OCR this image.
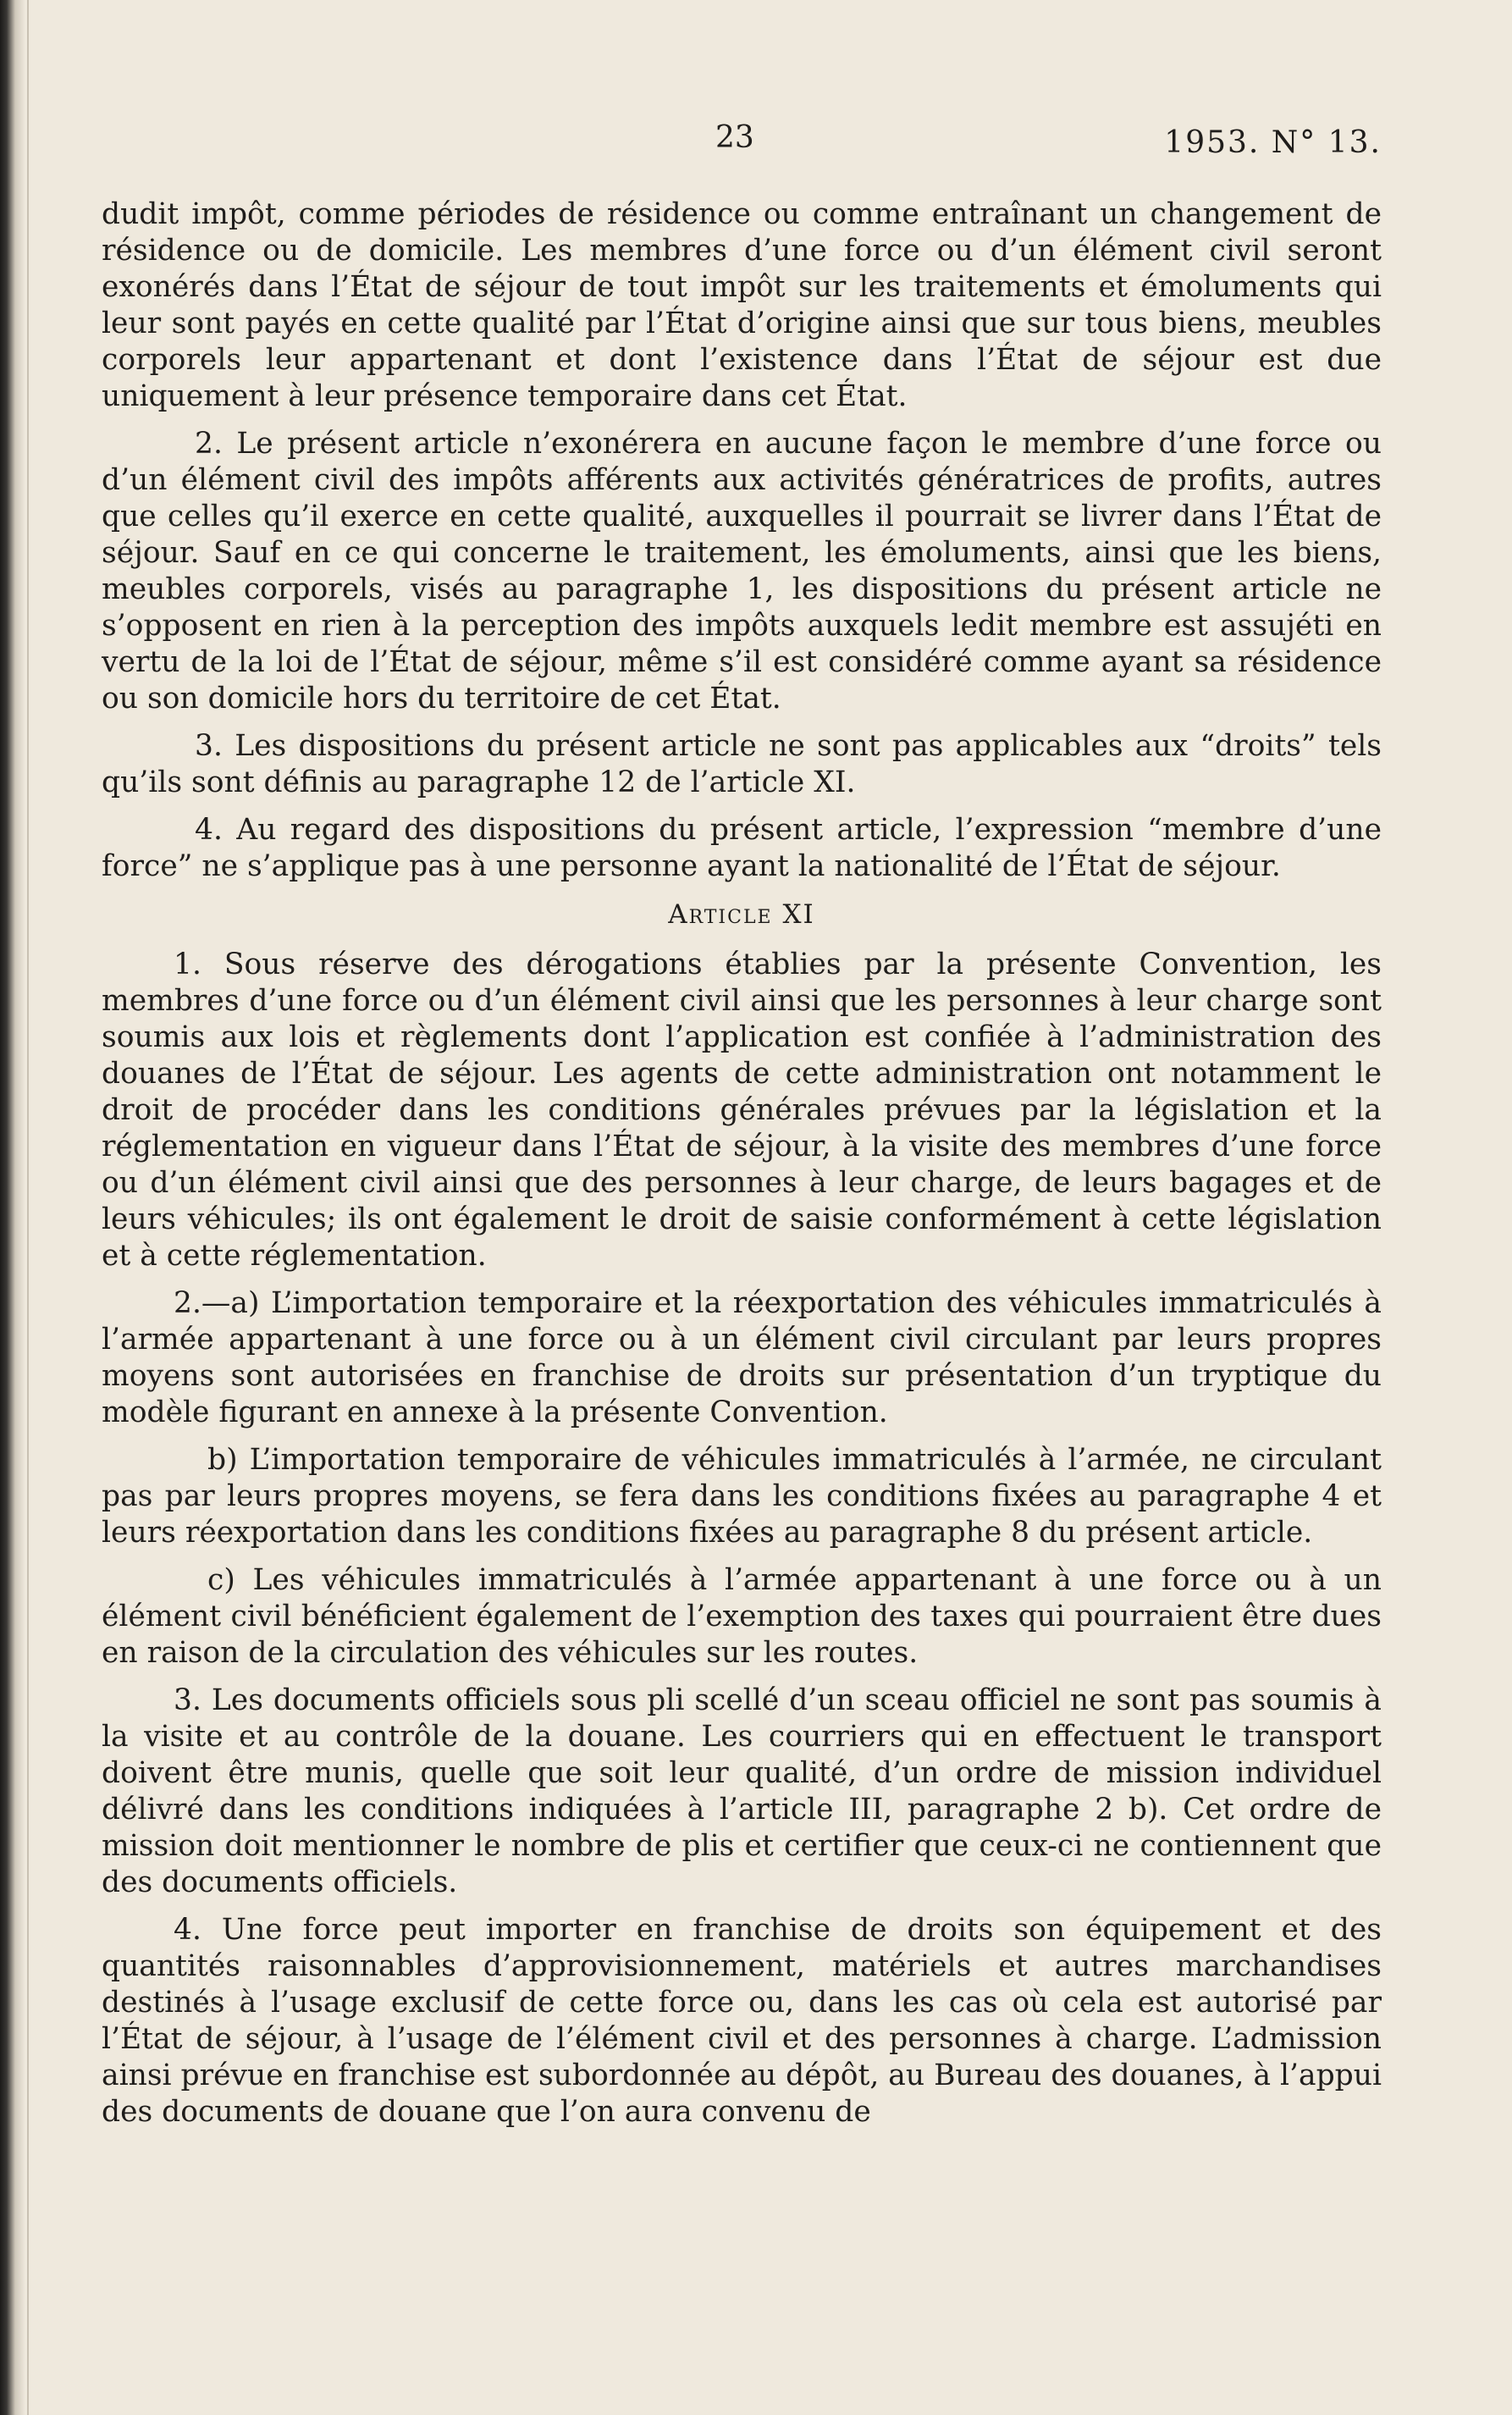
23	1953. N° 13.

dudit impôt, comme périodes de résidence ou comme entraînant un changement de résidence ou de domicile. Les membres d’une force ou d’un élément civil seront exonérés dans l’État de séjour de tout impôt sur les traitements et émoluments qui leur sont payés en cette qualité par l’État d’origine ainsi que sur tous biens, meubles corporels leur appartenant et dont l’existence dans l’État de séjour est due uniquement à leur présence temporaire dans cet État.

2. Le présent article n’exonérera en aucune façon le membre d’une force ou d’un élément civil des impôts afférents aux activités génératrices de profits, autres que celles qu’il exerce en cette qualité, auxquelles il pourrait se livrer dans l’État de séjour. Sauf en ce qui concerne le traitement, les émoluments, ainsi que les biens, meubles corporels, visés au paragraphe 1, les dispositions du présent article ne s’opposent en rien à la perception des impôts auxquels ledit membre est assujéti en vertu de la loi de l’État de séjour, même s’il est considéré comme ayant sa résidence ou son domicile hors du territoire de cet État.

3. Les dispositions du présent article ne sont pas applicables aux “droits” tels qu’ils sont définis au paragraphe 12 de l’article XI.

4. Au regard des dispositions du présent article, l’expression “membre d’une force” ne s’applique pas à une personne ayant la nationalité de l’État de séjour.

Article XI

1. Sous réserve des dérogations établies par la présente Convention, les membres d’une force ou d’un élément civil ainsi que les personnes à leur charge sont soumis aux lois et règlements dont l’application est confiée à l’administration des douanes de l’État de séjour. Les agents de cette administration ont notamment le droit de procéder dans les conditions générales prévues par la législation et la réglementation en vigueur dans l’État de séjour, à la visite des membres d’une force ou d’un élément civil ainsi que des personnes à leur charge, de leurs bagages et de leurs véhicules; ils ont également le droit de saisie conformément à cette législation et à cette réglementation.

2.—a) L’importation temporaire et la réexportation des véhicules immatriculés à l’armée appartenant à une force ou à un élément civil circulant par leurs propres moyens sont autorisées en franchise de droits sur présentation d’un tryptique du modèle figurant en annexe à la présente Convention.

b) L’importation temporaire de véhicules immatriculés à l’armée, ne circulant pas par leurs propres moyens, se fera dans les conditions fixées au paragraphe 4 et leurs réexportation dans les conditions fixées au paragraphe 8 du présent article.

c) Les véhicules immatriculés à l’armée appartenant à une force ou à un élément civil bénéficient également de l’exemption des taxes qui pourraient être dues en raison de la circulation des véhicules sur les routes.

3. Les documents officiels sous pli scellé d’un sceau officiel ne sont pas soumis à la visite et au contrôle de la douane. Les courriers qui en effectuent le transport doivent être munis, quelle que soit leur qualité, d’un ordre de mission individuel délivré dans les conditions indiquées à l’article III, paragraphe 2 b). Cet ordre de mission doit mentionner le nombre de plis et certifier que ceux-ci ne contiennent que des documents officiels.

4. Une force peut importer en franchise de droits son équipement et des quantités raisonnables d’approvisionnement, matériels et autres marchandises destinés à l’usage exclusif de cette force ou, dans les cas où cela est autorisé par l’État de séjour, à l’usage de l’élément civil et des personnes à charge. L’admission ainsi prévue en franchise est subordonnée au dépôt, au Bureau des douanes, à l’appui des documents de douane que l’on aura convenu de
